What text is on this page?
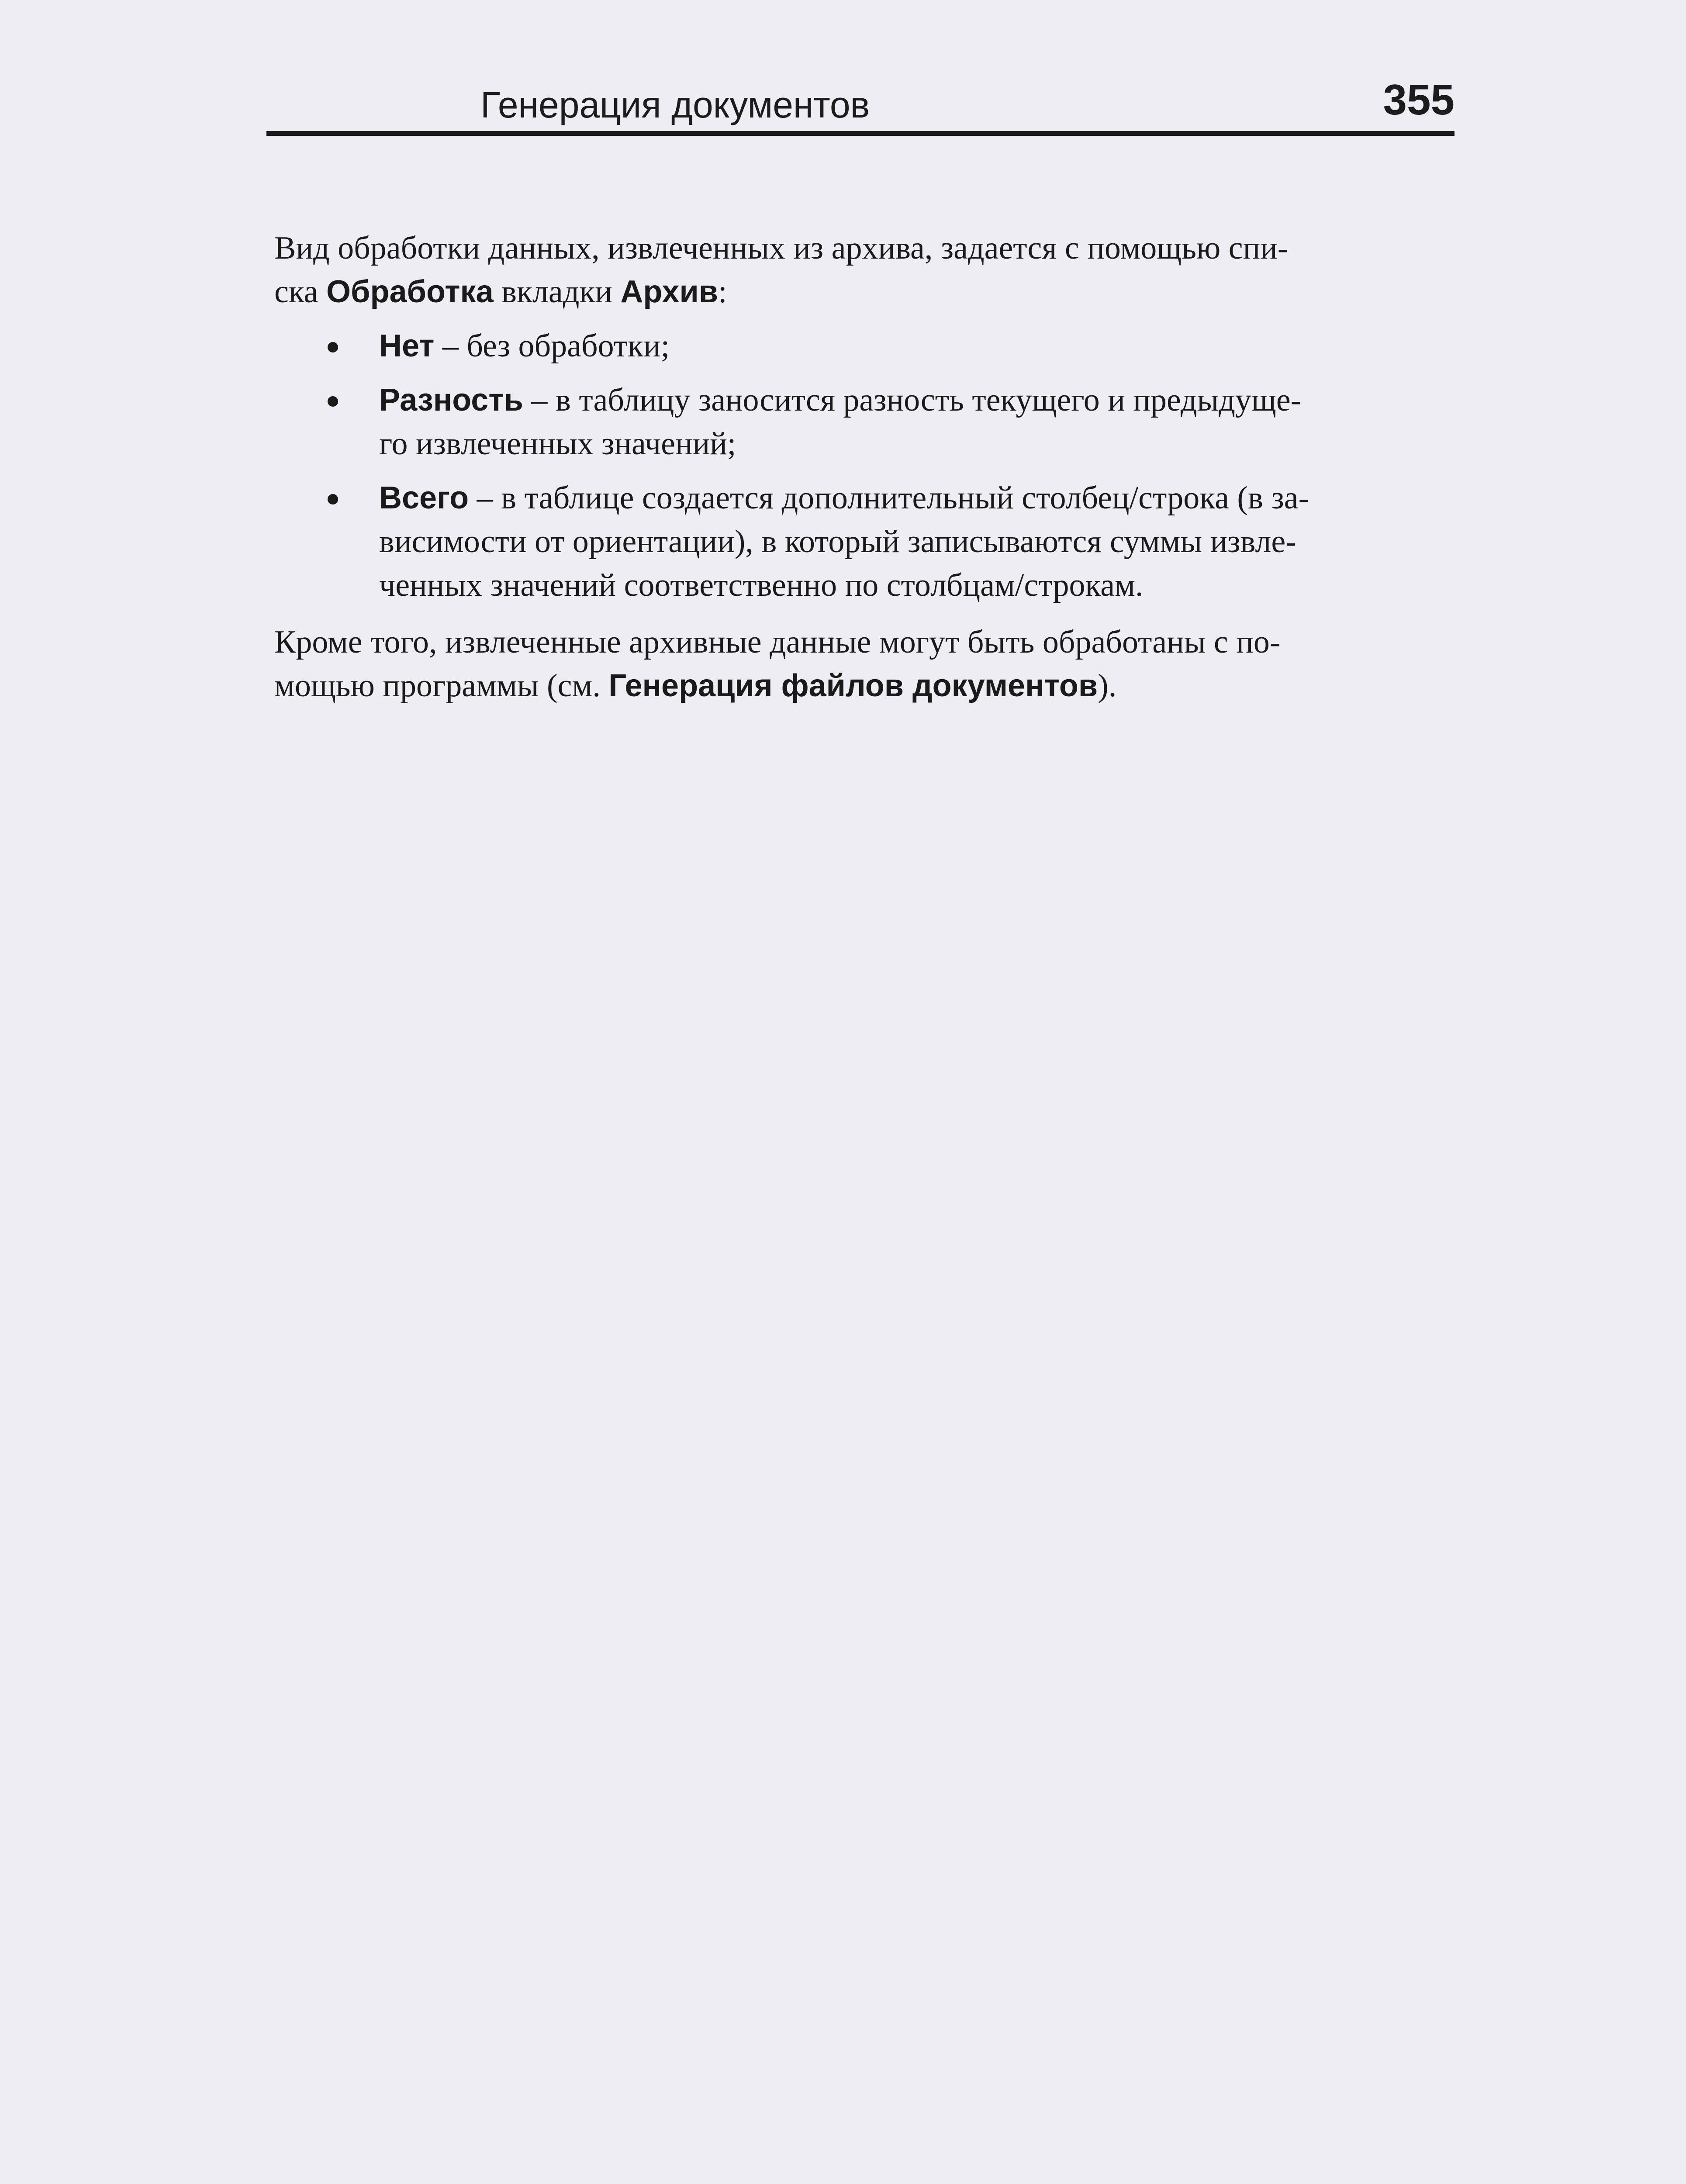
Генерация документов	355

Вид обработки данных, извлеченных из архива, задается с помощью спи-
ска Обработка вкладки Архив:

Нет – без обработки;

Разность – в таблицу заносится разность текущего и предыдуще-
го извлеченных значений;

Всего – в таблице создается дополнительный столбец/строка (в за-
висимости от ориентации), в который записываются суммы извле-
ченных значений соответственно по столбцам/строкам.

Кроме того, извлеченные архивные данные могут быть обработаны с по-
мощью программы (см. Генерация файлов документов).
